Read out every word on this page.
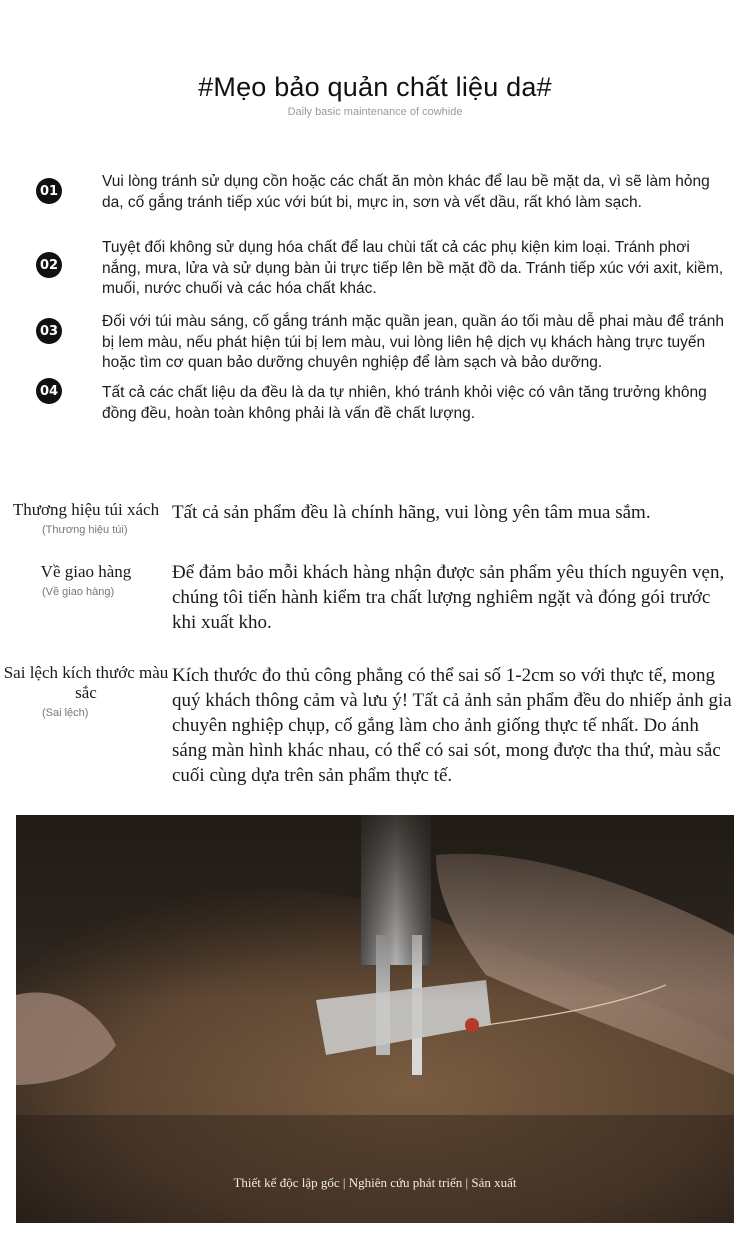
#Mẹo bảo quản chất liệu da#
Daily basic maintenance of cowhide
01
Vui lòng tránh sử dụng cồn hoặc các chất ăn mòn khác để lau bề mặt da, vì sẽ làm hỏng da, cố gắng tránh tiếp xúc với bút bi, mực in, sơn và vết dầu, rất khó làm sạch.
02
Tuyệt đối không sử dụng hóa chất để lau chùi tất cả các phụ kiện kim loại. Tránh phơi nắng, mưa, lửa và sử dụng bàn ủi trực tiếp lên bề mặt đồ da. Tránh tiếp xúc với axit, kiềm, muối, nước chuối và các hóa chất khác.
03
Đối với túi màu sáng, cố gắng tránh mặc quần jean, quần áo tối màu dễ phai màu để tránh bị lem màu, nếu phát hiện túi bị lem màu, vui lòng liên hệ dịch vụ khách hàng trực tuyến hoặc tìm cơ quan bảo dưỡng chuyên nghiệp để làm sạch và bảo dưỡng.
04	Tất cả các chất liệu da đều là da tự nhiên, khó tránh khỏi việc có vân tăng trưởng không đồng đều, hoàn toàn không phải là vấn đề chất lượng.
Thương hiệu túi xách
(Thương hiệu túi)
Tất cả sản phẩm đều là chính hãng, vui lòng yên tâm mua sắm.
Về giao hàng
(Về giao hàng)
Để đảm bảo mỗi khách hàng nhận được sản phẩm yêu thích nguyên vẹn, chúng tôi tiến hành kiểm tra chất lượng nghiêm ngặt và đóng gói trước khi xuất kho.
Sai lệch kích thước màu sắc
(Sai lệch)
Kích thước đo thủ công phẳng có thể sai số 1-2cm so với thực tế, mong quý khách thông cảm và lưu ý! Tất cả ảnh sản phẩm đều do nhiếp ảnh gia chuyên nghiệp chụp, cố gắng làm cho ảnh giống thực tế nhất. Do ánh sáng màn hình khác nhau, có thể có sai sót, mong được tha thứ, màu sắc cuối cùng dựa trên sản phẩm thực tế.
Thiết kế độc lập gốc | Nghiên cứu phát triển | Sản xuất
